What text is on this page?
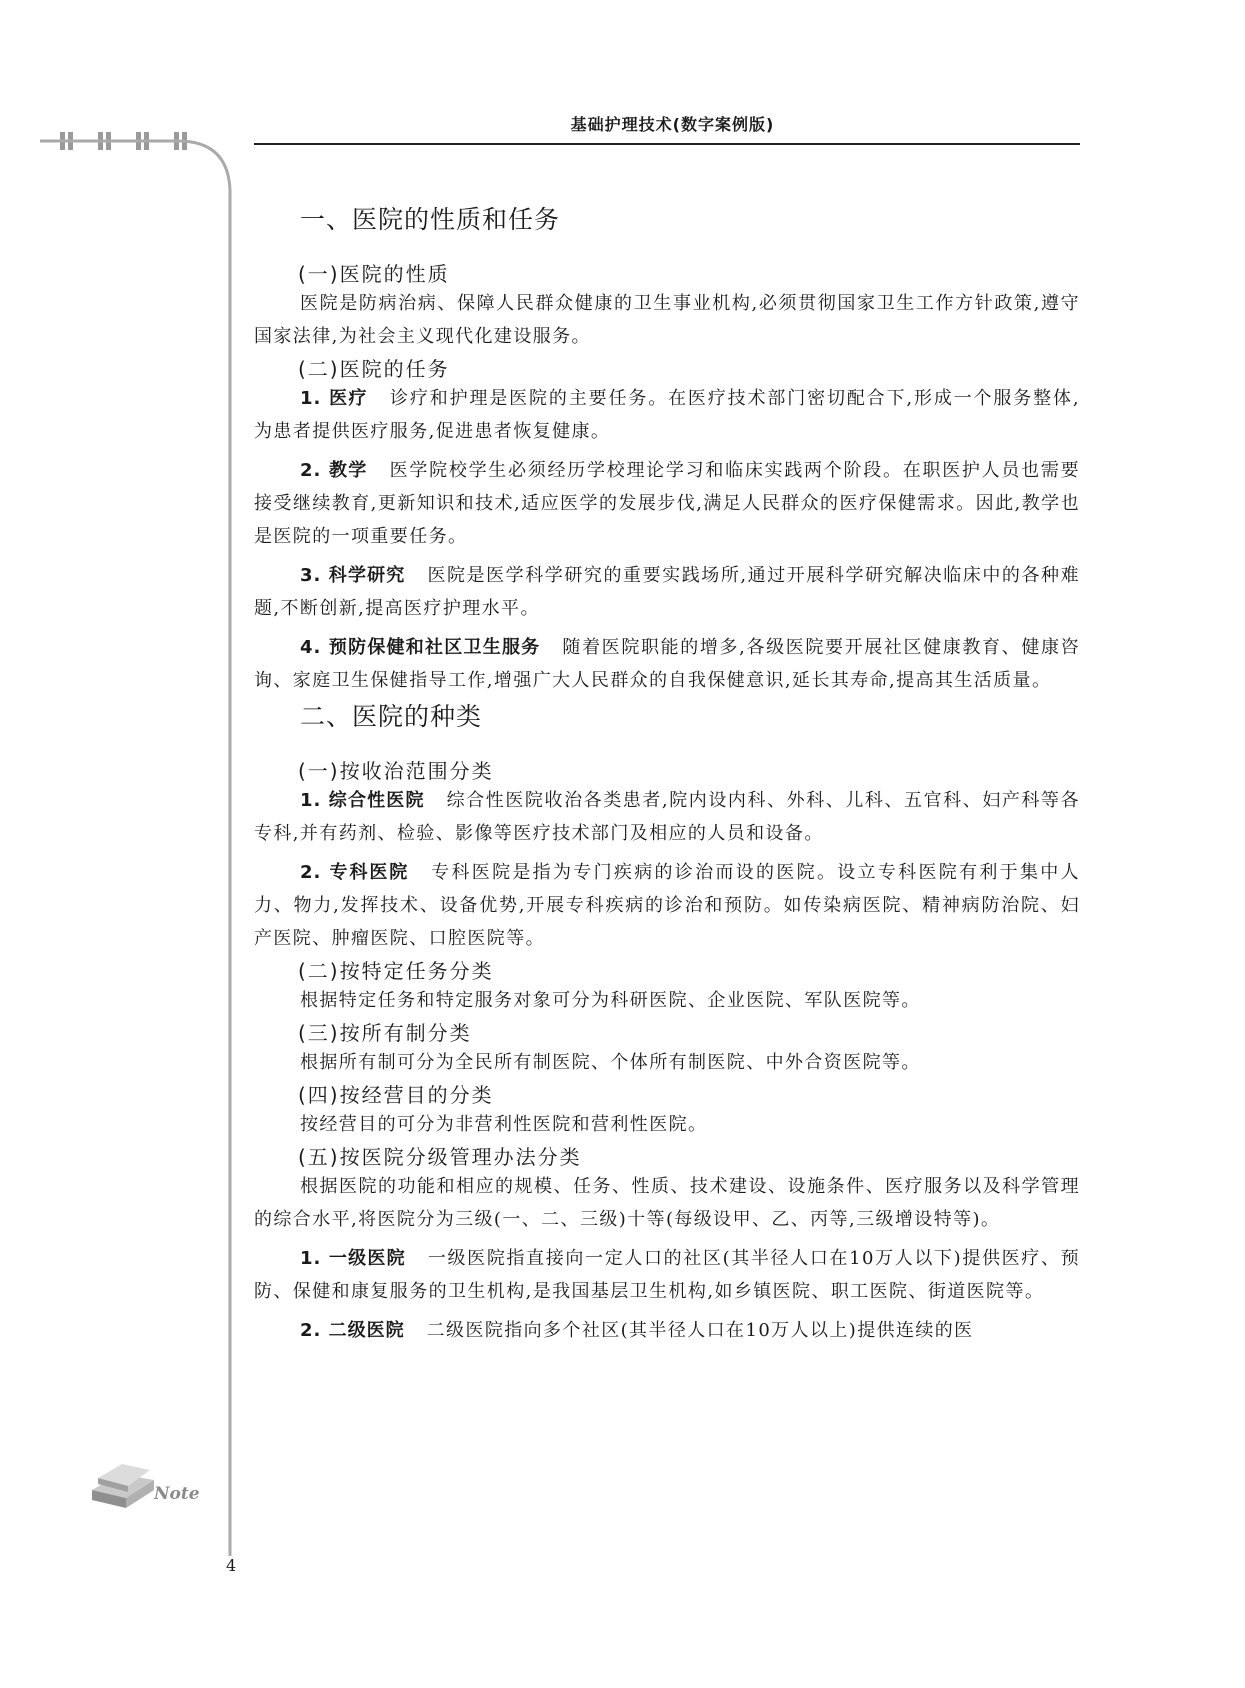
Note
基础护理技术(数字案例版)
一、医院的性质和任务
(一)医院的性质

医院是防病治病、保障人民群众健康的卫生事业机构,必须贯彻国家卫生工作方针政策,遵守国家法律,为社会主义现代化建设服务。

(二)医院的任务

1. 医疗 诊疗和护理是医院的主要任务。在医疗技术部门密切配合下,形成一个服务整体,为患者提供医疗服务,促进患者恢复健康。

2. 教学 医学院校学生必须经历学校理论学习和临床实践两个阶段。在职医护人员也需要接受继续教育,更新知识和技术,适应医学的发展步伐,满足人民群众的医疗保健需求。因此,教学也是医院的一项重要任务。

3. 科学研究 医院是医学科学研究的重要实践场所,通过开展科学研究解决临床中的各种难题,不断创新,提高医疗护理水平。

4. 预防保健和社区卫生服务 随着医院职能的增多,各级医院要开展社区健康教育、健康咨询、家庭卫生保健指导工作,增强广大人民群众的自我保健意识,延长其寿命,提高其生活质量。

二、医院的种类
(一)按收治范围分类

1. 综合性医院 综合性医院收治各类患者,院内设内科、外科、儿科、五官科、妇产科等各专科,并有药剂、检验、影像等医疗技术部门及相应的人员和设备。

2. 专科医院 专科医院是指为专门疾病的诊治而设的医院。设立专科医院有利于集中人力、物力,发挥技术、设备优势,开展专科疾病的诊治和预防。如传染病医院、精神病防治院、妇产医院、肿瘤医院、口腔医院等。

(二)按特定任务分类

根据特定任务和特定服务对象可分为科研医院、企业医院、军队医院等。

(三)按所有制分类

根据所有制可分为全民所有制医院、个体所有制医院、中外合资医院等。

(四)按经营目的分类

按经营目的可分为非营利性医院和营利性医院。

(五)按医院分级管理办法分类

根据医院的功能和相应的规模、任务、性质、技术建设、设施条件、医疗服务以及科学管理的综合水平,将医院分为三级(一、二、三级)十等(每级设甲、乙、丙等,三级增设特等)。

1. 一级医院 一级医院指直接向一定人口的社区(其半径人口在10万人以下)提供医疗、预防、保健和康复服务的卫生机构,是我国基层卫生机构,如乡镇医院、职工医院、街道医院等。

2. 二级医院 二级医院指向多个社区(其半径人口在10万人以上)提供连续的医

4
